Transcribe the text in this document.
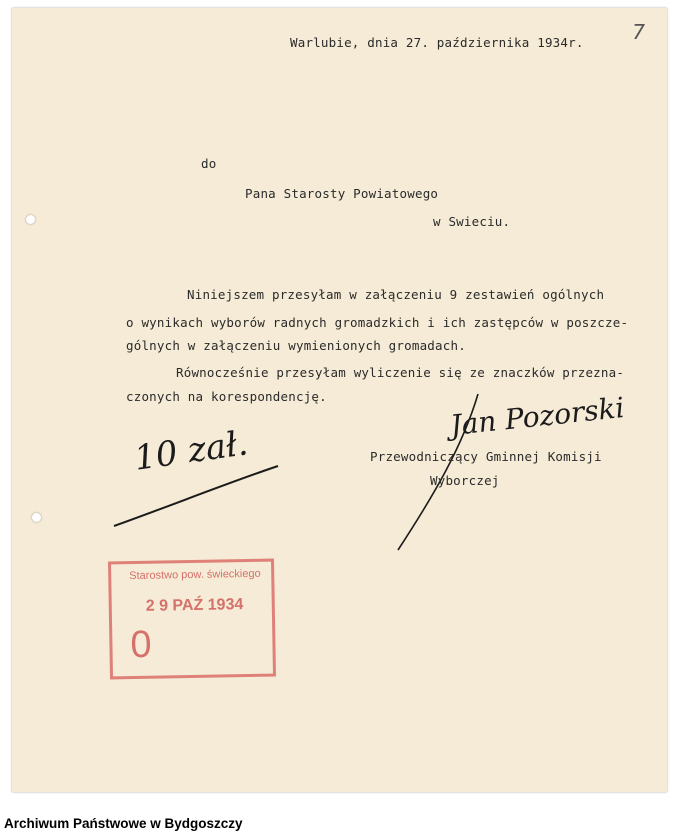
7
Warlubie, dnia 27. października 1934r.
do
Pana Starosty Powiatowego
w Swieciu.
Niniejszem przesyłam w załączeniu 9 zestawień ogólnych
o wynikach wyborów radnych gromadzkich i ich zastępców w poszcze-
gólnych w załączeniu wymienionych gromadach.
Równocześnie przesyłam wyliczenie się ze znaczków przezna-
czonych na korespondencję.
10 zał.
Jan Pozorski
Przewodniczący Gminnej Komisji
Wyborczej
Starostwo pow. świeckiego
2 9 PAŹ 1934
0
Archiwum Państwowe w Bydgoszczy
